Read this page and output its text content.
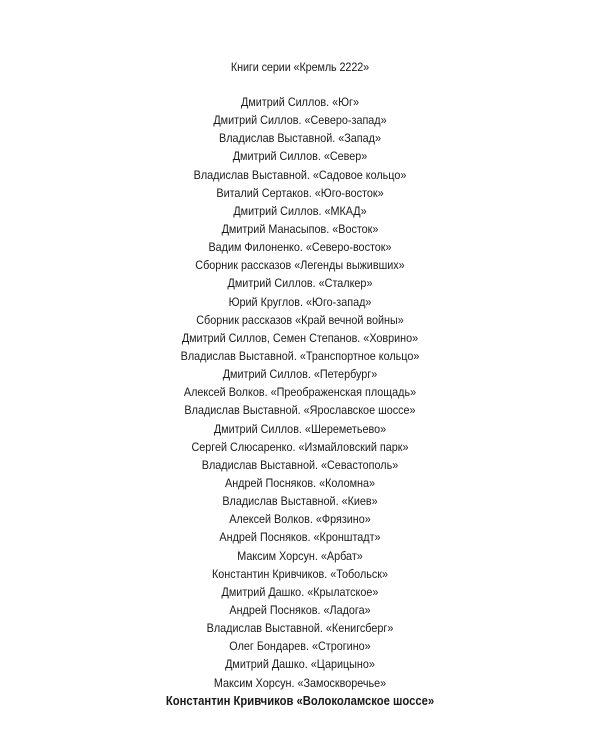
Книги серии «Кремль 2222»
Дмитрий Силлов. «Юг»
Дмитрий Силлов. «Северо-запад»
Владислав Выставной. «Запад»
Дмитрий Силлов. «Север»
Владислав Выставной. «Садовое кольцо»
Виталий Сертаков. «Юго-восток»
Дмитрий Силлов. «МКАД»
Дмитрий Манасыпов. «Восток»
Вадим Филоненко. «Северо-восток»
Сборник рассказов «Легенды выживших»
Дмитрий Силлов. «Сталкер»
Юрий Круглов. «Юго-запад»
Сборник рассказов «Край вечной войны»
Дмитрий Силлов, Семен Степанов. «Ховрино»
Владислав Выставной. «Транспортное кольцо»
Дмитрий Силлов. «Петербург»
Алексей Волков. «Преображенская площадь»
Владислав Выставной. «Ярославское шоссе»
Дмитрий Силлов. «Шереметьево»
Сергей Слюсаренко. «Измайловский парк»
Владислав Выставной. «Севастополь»
Андрей Посняков. «Коломна»
Владислав Выставной. «Киев»
Алексей Волков. «Фрязино»
Андрей Посняков. «Кронштадт»
Максим Хорсун. «Арбат»
Константин Кривчиков. «Тобольск»
Дмитрий Дашко. «Крылатское»
Андрей Посняков. «Ладога»
Владислав Выставной. «Кенигсберг»
Олег Бондарев. «Строгино»
Дмитрий Дашко. «Царицыно»
Максим Хорсун. «Замоскворечье»
Константин Кривчиков «Волоколамское шоссе»
